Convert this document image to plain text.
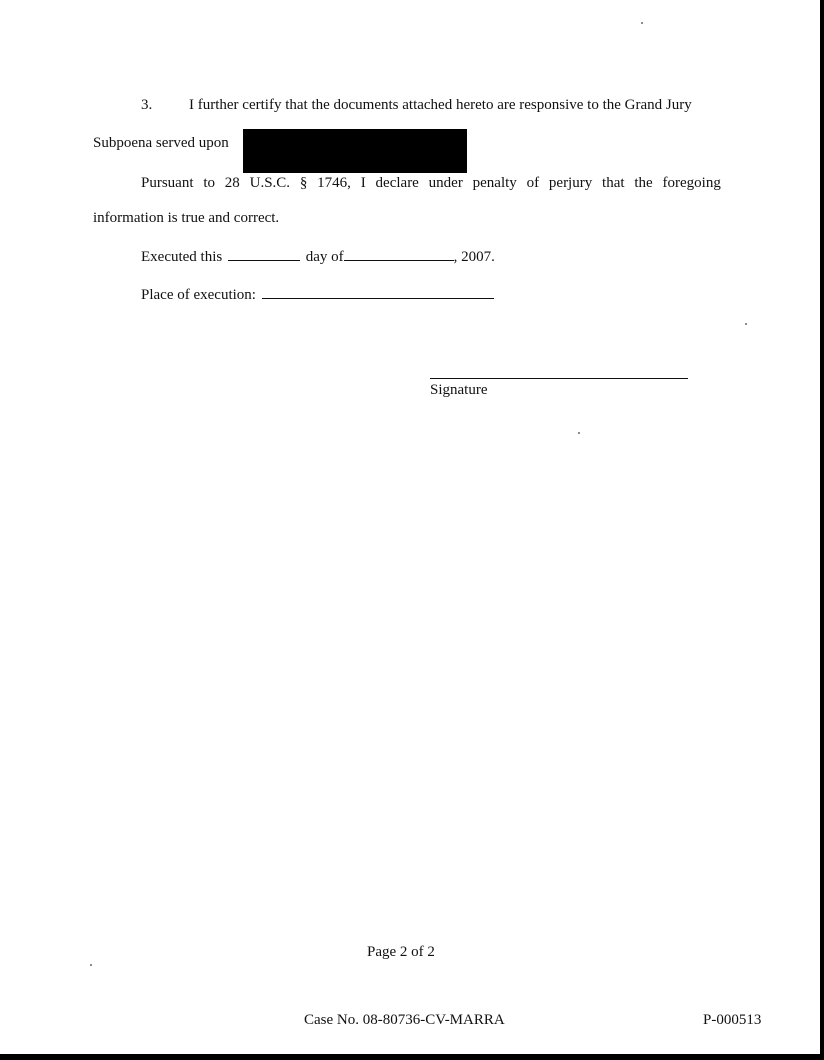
3. I further certify that the documents attached hereto are responsive to the Grand Jury
Subpoena served upon
Pursuant to 28 U.S.C. § 1746, I declare under penalty of perjury that the foregoing
information is true and correct.
Executed this	day of	, 2007.
Place of execution:
Signature
Page 2 of 2
Case No. 08-80736-CV-MARRA	P-000513
